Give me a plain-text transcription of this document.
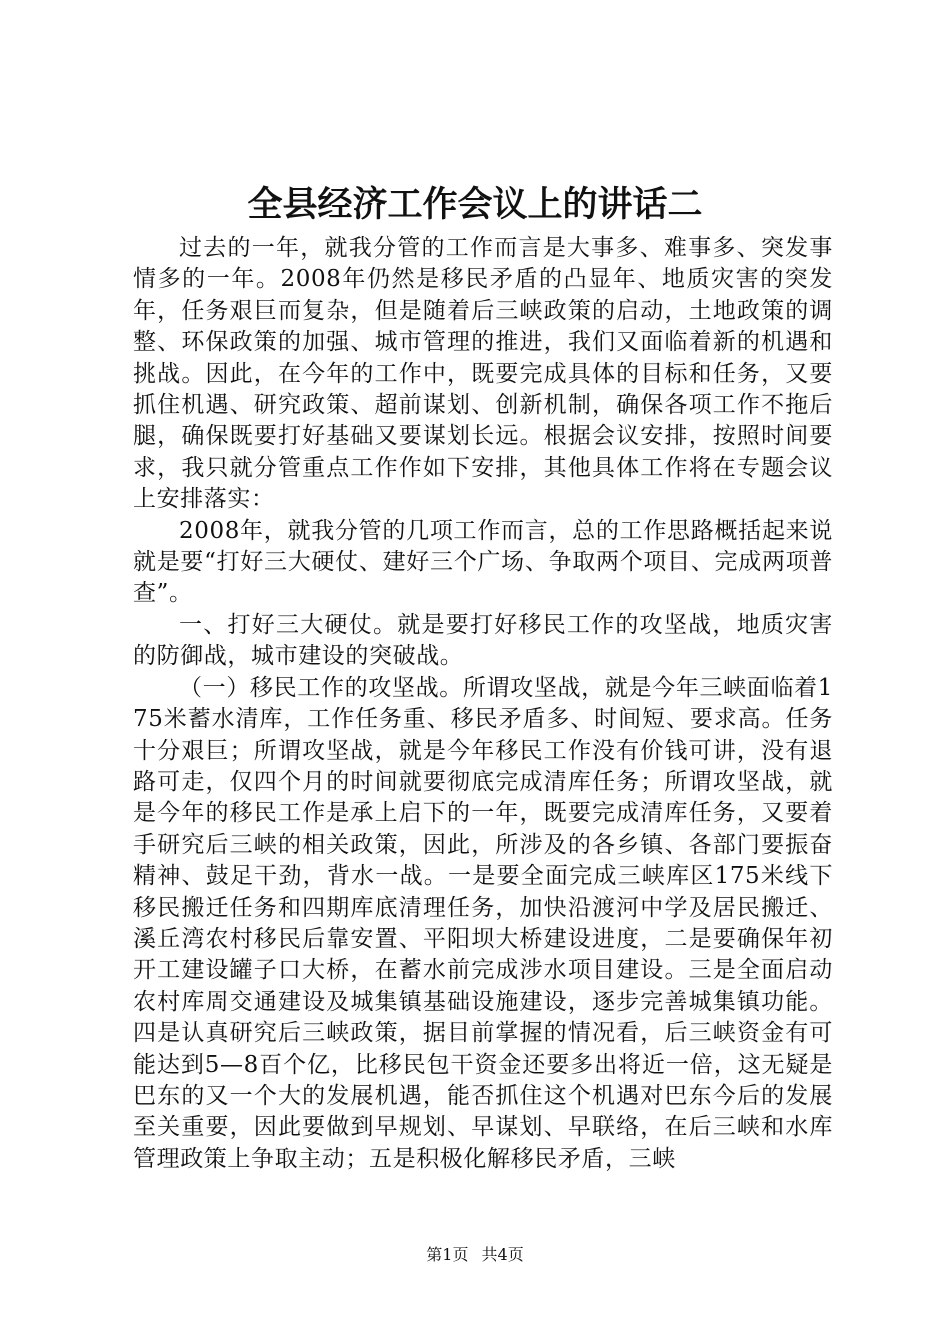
全县经济工作会议上的讲话二

过去的一年，就我分管的工作而言是大事多、难事多、突发事情多的一年。2008年仍然是移民矛盾的凸显年、地质灾害的突发年，任务艰巨而复杂，但是随着后三峡政策的启动，土地政策的调整、环保政策的加强、城市管理的推进，我们又面临着新的机遇和挑战。因此，在今年的工作中，既要完成具体的目标和任务，又要抓住机遇、研究政策、超前谋划、创新机制，确保各项工作不拖后腿，确保既要打好基础又要谋划长远。根据会议安排，按照时间要求，我只就分管重点工作作如下安排，其他具体工作将在专题会议上安排落实：

2008年，就我分管的几项工作而言，总的工作思路概括起来说就是要“打好三大硬仗、建好三个广场、争取两个项目、完成两项普查”。

一、打好三大硬仗。就是要打好移民工作的攻坚战，地质灾害的防御战，城市建设的突破战。

（一）移民工作的攻坚战。所谓攻坚战，就是今年三峡面临着175米蓄水清库，工作任务重、移民矛盾多、时间短、要求高。任务十分艰巨；所谓攻坚战，就是今年移民工作没有价钱可讲，没有退路可走，仅四个月的时间就要彻底完成清库任务；所谓攻坚战，就是今年的移民工作是承上启下的一年，既要完成清库任务，又要着手研究后三峡的相关政策，因此，所涉及的各乡镇、各部门要振奋精神、鼓足干劲，背水一战。一是要全面完成三峡库区175米线下移民搬迁任务和四期库底清理任务，加快沿渡河中学及居民搬迁、溪丘湾农村移民后靠安置、平阳坝大桥建设进度，二是要确保年初开工建设罐子口大桥，在蓄水前完成涉水项目建设。三是全面启动农村库周交通建设及城集镇基础设施建设，逐步完善城集镇功能。四是认真研究后三峡政策，据目前掌握的情况看，后三峡资金有可能达到5—8百个亿，比移民包干资金还要多出将近一倍，这无疑是巴东的又一个大的发展机遇，能否抓住这个机遇对巴东今后的发展至关重要，因此要做到早规划、早谋划、早联络，在后三峡和水库管理政策上争取主动；五是积极化解移民矛盾，三峡

第1页 共4页
